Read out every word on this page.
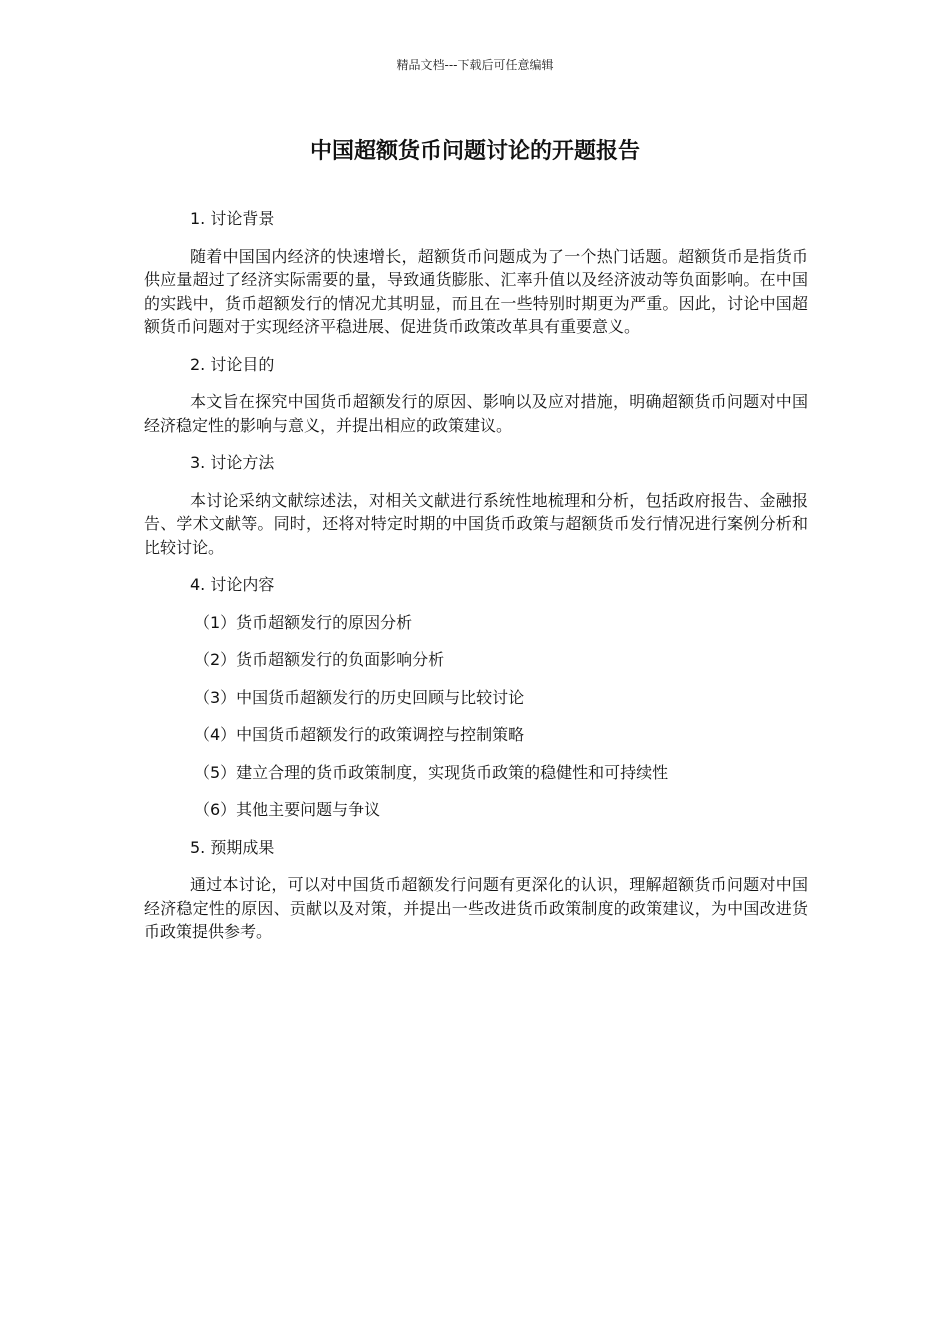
精品文档---下载后可任意编辑
中国超额货币问题讨论的开题报告

1. 讨论背景

随着中国国内经济的快速增长，超额货币问题成为了一个热门话题。超额货币是指货币供应量超过了经济实际需要的量，导致通货膨胀、汇率升值以及经济波动等负面影响。在中国的实践中，货币超额发行的情况尤其明显，而且在一些特别时期更为严重。因此，讨论中国超额货币问题对于实现经济平稳进展、促进货币政策改革具有重要意义。

2. 讨论目的

本文旨在探究中国货币超额发行的原因、影响以及应对措施，明确超额货币问题对中国经济稳定性的影响与意义，并提出相应的政策建议。

3. 讨论方法

本讨论采纳文献综述法，对相关文献进行系统性地梳理和分析，包括政府报告、金融报告、学术文献等。同时，还将对特定时期的中国货币政策与超额货币发行情况进行案例分析和比较讨论。

4. 讨论内容

（1）货币超额发行的原因分析

（2）货币超额发行的负面影响分析

（3）中国货币超额发行的历史回顾与比较讨论

（4）中国货币超额发行的政策调控与控制策略

（5）建立合理的货币政策制度，实现货币政策的稳健性和可持续性

（6）其他主要问题与争议

5. 预期成果

通过本讨论，可以对中国货币超额发行问题有更深化的认识，理解超额货币问题对中国经济稳定性的原因、贡献以及对策，并提出一些改进货币政策制度的政策建议，为中国改进货币政策提供参考。
